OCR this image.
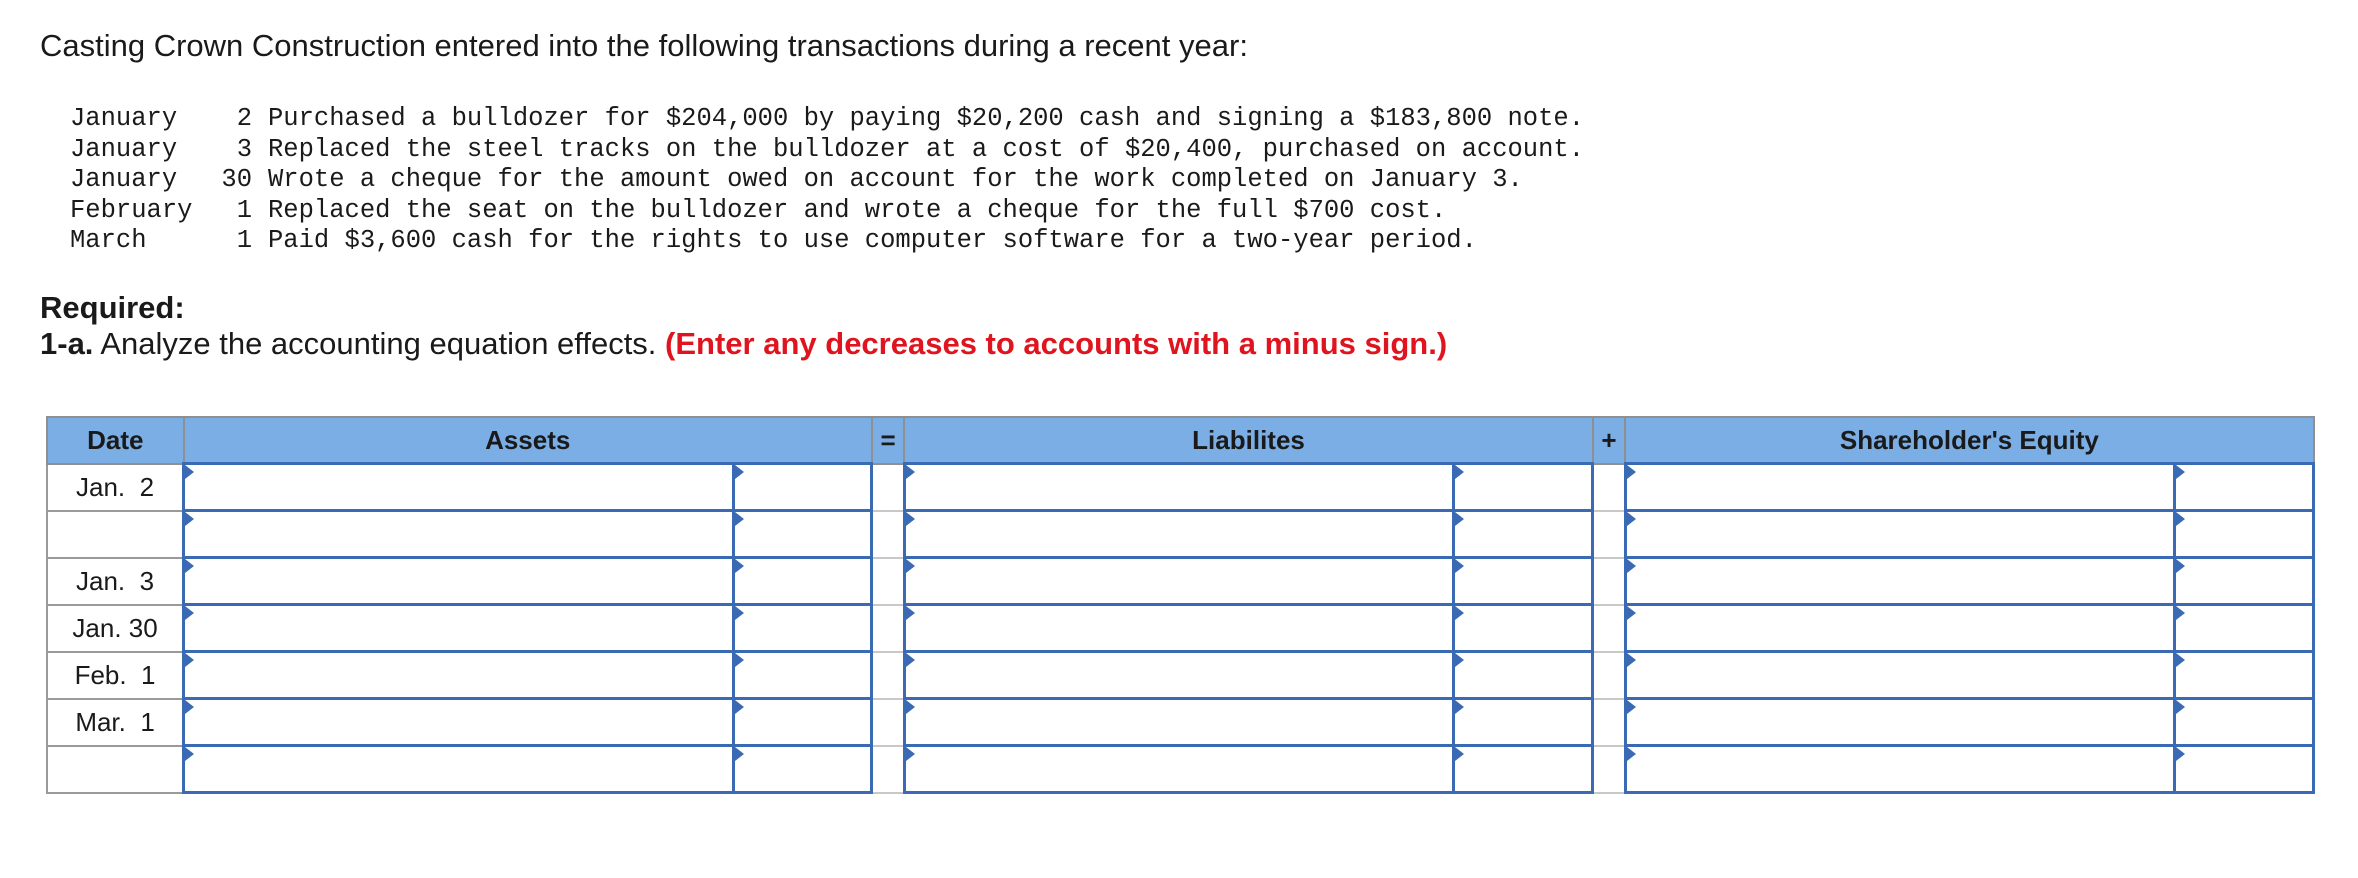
Casting Crown Construction entered into the following transactions during a recent year:

January	2 Purchased a bulldozer for $204,000 by paying $20,200 cash and signing a $183,800 note.
January	3 Replaced the steel tracks on the bulldozer at a cost of $20,400, purchased on account.
January	30 Wrote a cheque for the amount owed on account for the work completed on January 3.
February	1 Replaced the seat on the bulldozer and wrote a cheque for the full $700 cost.
March	1 Paid $3,600 cash for the rights to use computer software for a two-year period.

Required:

1-a. Analyze the accounting equation effects. (Enter any decreases to accounts with a minus sign.)

Date	Assets		=	Liabilites		+	Shareholder's Equity	
Jan.  2								

Jan.  3								
Jan. 30								
Feb.  1								
Mar.  1								
